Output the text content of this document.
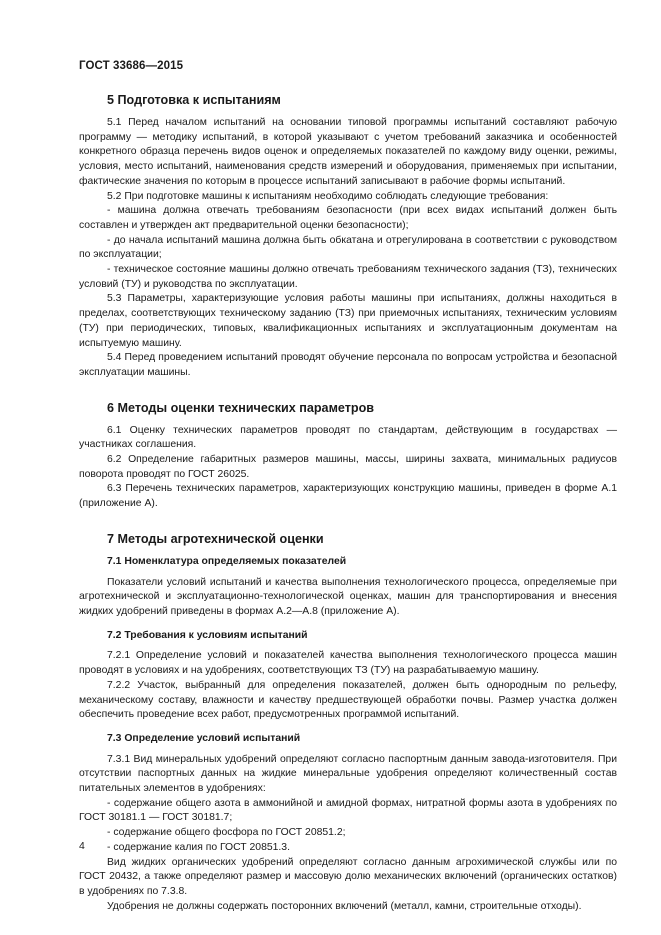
ГОСТ 33686—2015
5 Подготовка к испытаниям

5.1 Перед началом испытаний на основании типовой программы испытаний составляют рабочую программу — методику испытаний, в которой указывают с учетом требований заказчика и особенностей конкретного образца перечень видов оценок и определяемых показателей по каждому виду оценки, режимы, условия, место испытаний, наименования средств измерений и оборудования, применяемых при испытании, фактические значения по которым в процессе испытаний записывают в рабочие формы испытаний.

5.2 При подготовке машины к испытаниям необходимо соблюдать следующие требования:

- машина должна отвечать требованиям безопасности (при всех видах испытаний должен быть составлен и утвержден акт предварительной оценки безопасности);

- до начала испытаний машина должна быть обкатана и отрегулирована в соответствии с руководством по эксплуатации;

- техническое состояние машины должно отвечать требованиям технического задания (ТЗ), технических условий (ТУ) и руководства по эксплуатации.

5.3 Параметры, характеризующие условия работы машины при испытаниях, должны находиться в пределах, соответствующих техническому заданию (ТЗ) при приемочных испытаниях, техническим условиям (ТУ) при периодических, типовых, квалификационных испытаниях и эксплуатационным документам на испытуемую машину.

5.4 Перед проведением испытаний проводят обучение персонала по вопросам устройства и безопасной эксплуатации машины.

6 Методы оценки технических параметров

6.1 Оценку технических параметров проводят по стандартам, действующим в государствах — участниках соглашения.

6.2 Определение габаритных размеров машины, массы, ширины захвата, минимальных радиусов поворота проводят по ГОСТ 26025.

6.3 Перечень технических параметров, характеризующих конструкцию машины, приведен в форме А.1 (приложение А).

7 Методы агротехнической оценки
7.1 Номенклатура определяемых показателей

Показатели условий испытаний и качества выполнения технологического процесса, определяемые при агротехнической и эксплуатационно-технологической оценках, машин для транспортирования и внесения жидких удобрений приведены в формах А.2—А.8 (приложение А).

7.2 Требования к условиям испытаний

7.2.1 Определение условий и показателей качества выполнения технологического процесса машин проводят в условиях и на удобрениях, соответствующих ТЗ (ТУ) на разрабатываемую машину.

7.2.2 Участок, выбранный для определения показателей, должен быть однородным по рельефу, механическому составу, влажности и качеству предшествующей обработки почвы. Размер участка должен обеспечить проведение всех работ, предусмотренных программой испытаний.

7.3 Определение условий испытаний

7.3.1 Вид минеральных удобрений определяют согласно паспортным данным завода-изготовителя. При отсутствии паспортных данных на жидкие минеральные удобрения определяют количественный состав питательных элементов в удобрениях:

- содержание общего азота в аммонийной и амидной формах, нитратной формы азота в удобрениях по ГОСТ 30181.1 — ГОСТ 30181.7;

- содержание общего фосфора по ГОСТ 20851.2;

- содержание калия по ГОСТ 20851.3.

Вид жидких органических удобрений определяют согласно данным агрохимической службы или по ГОСТ 20432, а также определяют размер и массовую долю механических включений (органических остатков) в удобрениях по 7.3.8.

Удобрения не должны содержать посторонних включений (металл, камни, строительные отходы).

4
